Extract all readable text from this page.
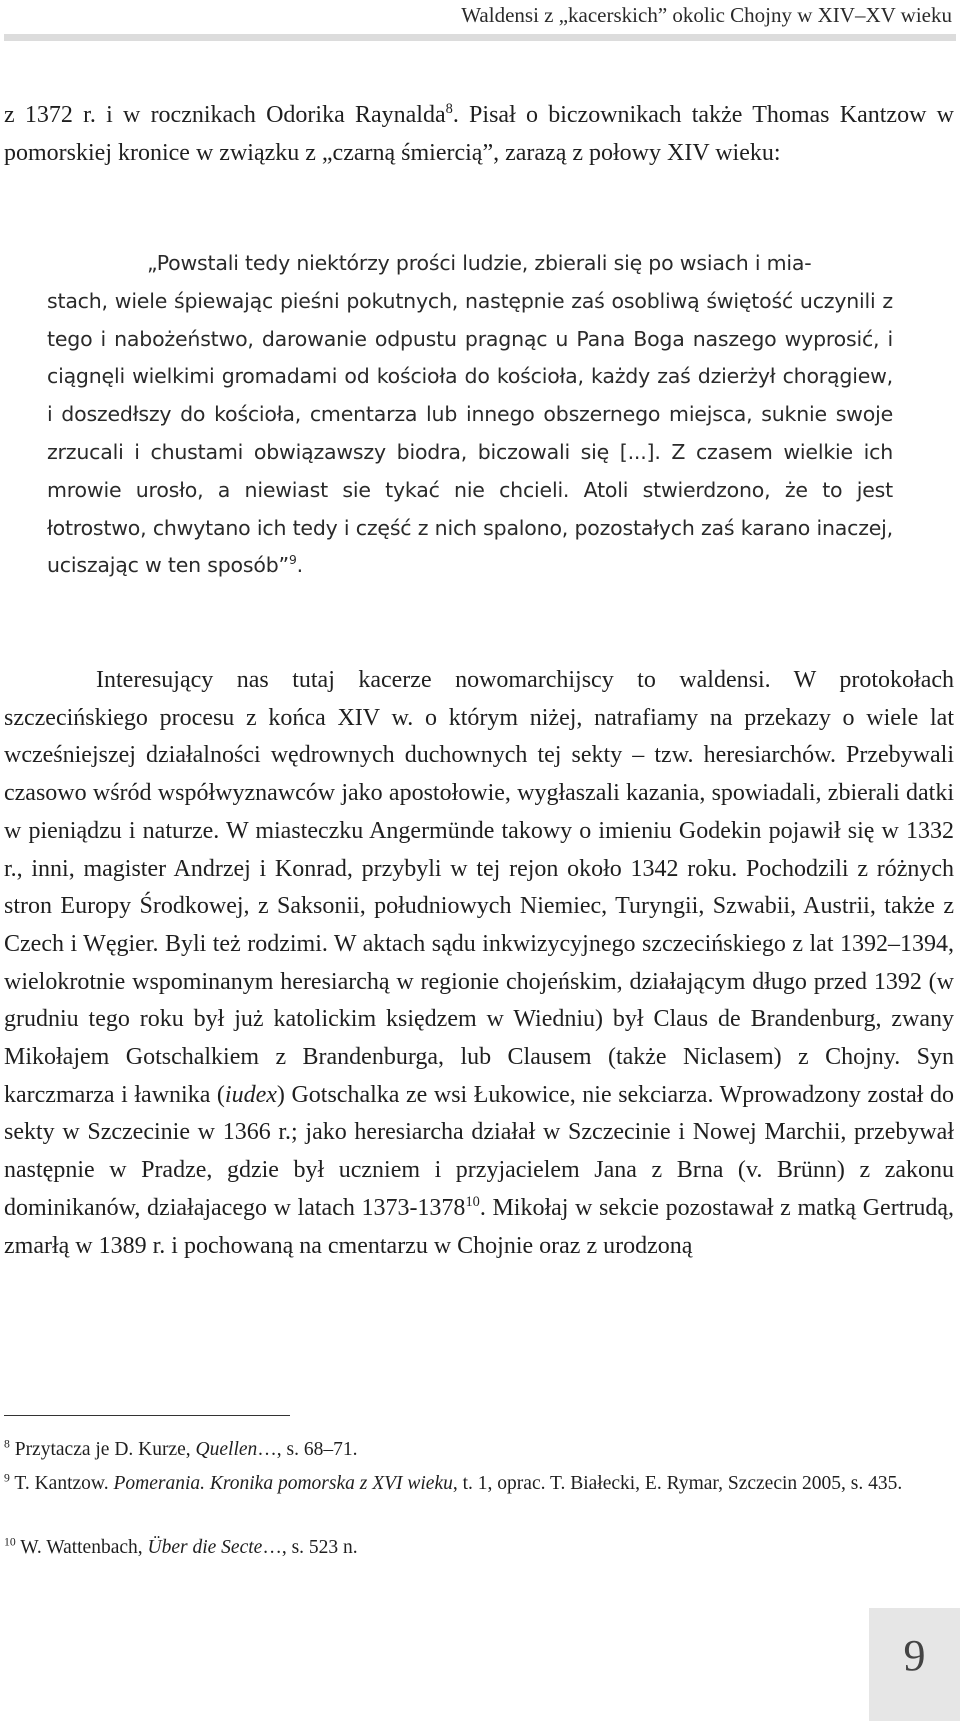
Waldensi z „kacerskich” okolic Chojny w XIV–XV wieku

z 1372 r. i w rocznikach Odorika Raynalda$^8$. Pisał o biczownikach także Thomas Kantzow w pomorskiej kronice w związku z „czarną śmiercią”, zarazą z połowy XIV wieku:

„Powstali tedy niektórzy prości ludzie, zbierali się po wsiach i mia-
stach, wiele śpiewając pieśni pokutnych, następnie zaś osobliwą świętość uczynili z tego i nabożeństwo, darowanie odpustu pragnąc u Pana Boga naszego wyprosić, i ciągnęli wielkimi gromadami od kościoła do kościoła, każdy zaś dzierżył chorągiew, i doszedłszy do kościoła, cmentarza lub innego obszernego miejsca, suknie swoje zrzucali i chustami obwiązawszy biodra, biczowali się [...]. Z czasem wielkie ich mrowie urosło, a niewiast sie tykać nie chcieli. Atoli stwierdzono, że to jest łotrostwo, chwytano ich tedy i część z nich spalono, pozostałych zaś karano inaczej, uciszając w ten sposób”$^9$.

Interesujący nas tutaj kacerze nowomarchijscy to waldensi. W protokołach szczecińskiego procesu z końca XIV w. o którym niżej, natrafiamy na przekazy o wiele lat wcześniejszej działalności wędrownych duchownych tej sekty – tzw. heresiarchów. Przebywali czasowo wśród współwyznawców jako apostołowie, wygłaszali kazania, spowiadali, zbierali datki w pieniądzu i naturze. W miasteczku Angermünde takowy o imieniu Godekin pojawił się w 1332 r., inni, magister Andrzej i Konrad, przybyli w tej rejon około 1342 roku. Pochodzili z różnych stron Europy Środkowej, z Saksonii, południowych Niemiec, Turyngii, Szwabii, Austrii, także z Czech i Węgier. Byli też rodzimi. W aktach sądu inkwizycyjnego szczecińskiego z lat 1392–1394, wielokrotnie wspominanym heresiarchą w regionie chojeńskim, działającym długo przed 1392 (w grudniu tego roku był już katolickim księdzem w Wiedniu) był Claus de Brandenburg, zwany Mikołajem Gotschalkiem z Brandenburga, lub Clausem (także Niclasem) z Chojny. Syn karczmarza i ławnika (iudex) Gotschalka ze wsi Łukowice, nie sekciarza. Wprowadzony został do sekty w Szczecinie w 1366 r.; jako heresiarcha działał w Szczecinie i Nowej Marchii, przebywał następnie w Pradze, gdzie był uczniem i przyjacielem Jana z Brna (v. Brünn) z zakonu dominikanów, działajacego w latach 1373-1378$^{10}$. Mikołaj w sekcie pozostawał z matką Gertrudą, zmarłą w 1389 r. i pochowaną na cmentarzu w Chojnie oraz z urodzoną

$^8$ Przytacza je D. Kurze, Quellen…, s. 68–71.

$^9$ T. Kantzow. Pomerania. Kronika pomorska z XVI wieku, t. 1, oprac. T. Białecki, E. Rymar, Szczecin 2005, s. 435.

$^{10}$ W. Wattenbach, Über die Secte…, s. 523 n.

9
